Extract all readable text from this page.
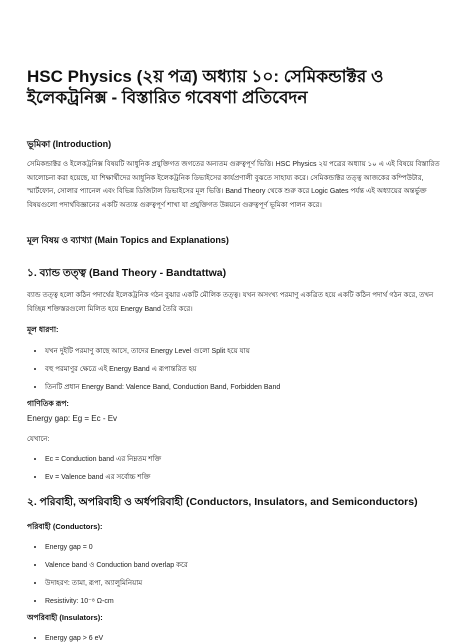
HSC Physics (২য় পত্র) অধ্যায় ১০: সেমিকন্ডাক্টর ও ইলেকট্রনিক্স - বিস্তারিত গবেষণা প্রতিবেদন
ভূমিকা (Introduction)

সেমিকন্ডাক্টর ও ইলেকট্রনিক্স বিষয়টি আধুনিক প্রযুক্তিগত জগতের অন্যতম গুরুত্বপূর্ণ ভিত্তি। HSC Physics ২য় পত্রের অধ্যায় ১০ এ এই বিষয়ে বিস্তারিত আলোচনা করা হয়েছে, যা শিক্ষার্থীদের আধুনিক ইলেকট্রনিক ডিভাইসের কার্যপ্রণালী বুঝতে সাহায্য করে। সেমিকন্ডাক্টর তত্ত্ব আজকের কম্পিউটার, স্মার্টফোন, সোলার প্যানেল এবং বিভিন্ন ডিজিটাল ডিভাইসের মূল ভিত্তি। Band Theory থেকে শুরু করে Logic Gates পর্যন্ত এই অধ্যায়ের অন্তর্ভুক্ত বিষয়গুলো পদার্থবিজ্ঞানের একটি অত্যন্ত গুরুত্বপূর্ণ শাখা যা প্রযুক্তিগত উন্নয়নে গুরুত্বপূর্ণ ভূমিকা পালন করে।

মূল বিষয় ও ব্যাখ্যা (Main Topics and Explanations)
১. ব্যান্ড তত্ত্ব (Band Theory - Bandtattwa)

ব্যান্ড তত্ত্ব হলো কঠিন পদার্থের ইলেকট্রনিক গঠন বুঝার একটি মৌলিক তত্ত্ব। যখন অসংখ্য পরমাণু একত্রিত হয়ে একটি কঠিন পদার্থ গঠন করে, তখন বিচ্ছিন্ন শক্তিস্তরগুলো মিলিত হয়ে Energy Band তৈরি করে।

মূল ধারণা:
• যখন দুইটি পরমাণু কাছে আসে, তাদের Energy Level গুলো Split হয়ে যায়
• বহু পরমাণুর ক্ষেত্রে এই Energy Band এ রূপান্তরিত হয়
• তিনটি প্রধান Energy Band: Valence Band, Conduction Band, Forbidden Band
গাণিতিক রূপ:

Energy gap: Eg = Ec - Ev

যেখানে:

• Ec = Conduction band এর নিম্নতম শক্তি
• Ev = Valence band এর সর্বোচ্চ শক্তি
২. পরিবাহী, অপরিবাহী ও অর্ধপরিবাহী (Conductors, Insulators, and Semiconductors)
পরিবাহী (Conductors):
• Energy gap = 0
• Valence band ও Conduction band overlap করে
• উদাহরণ: তামা, রূপা, অ্যালুমিনিয়াম
• Resistivity: 10⁻⁸ Ω-cm
অপরিবাহী (Insulators):
• Energy gap > 6 eV
